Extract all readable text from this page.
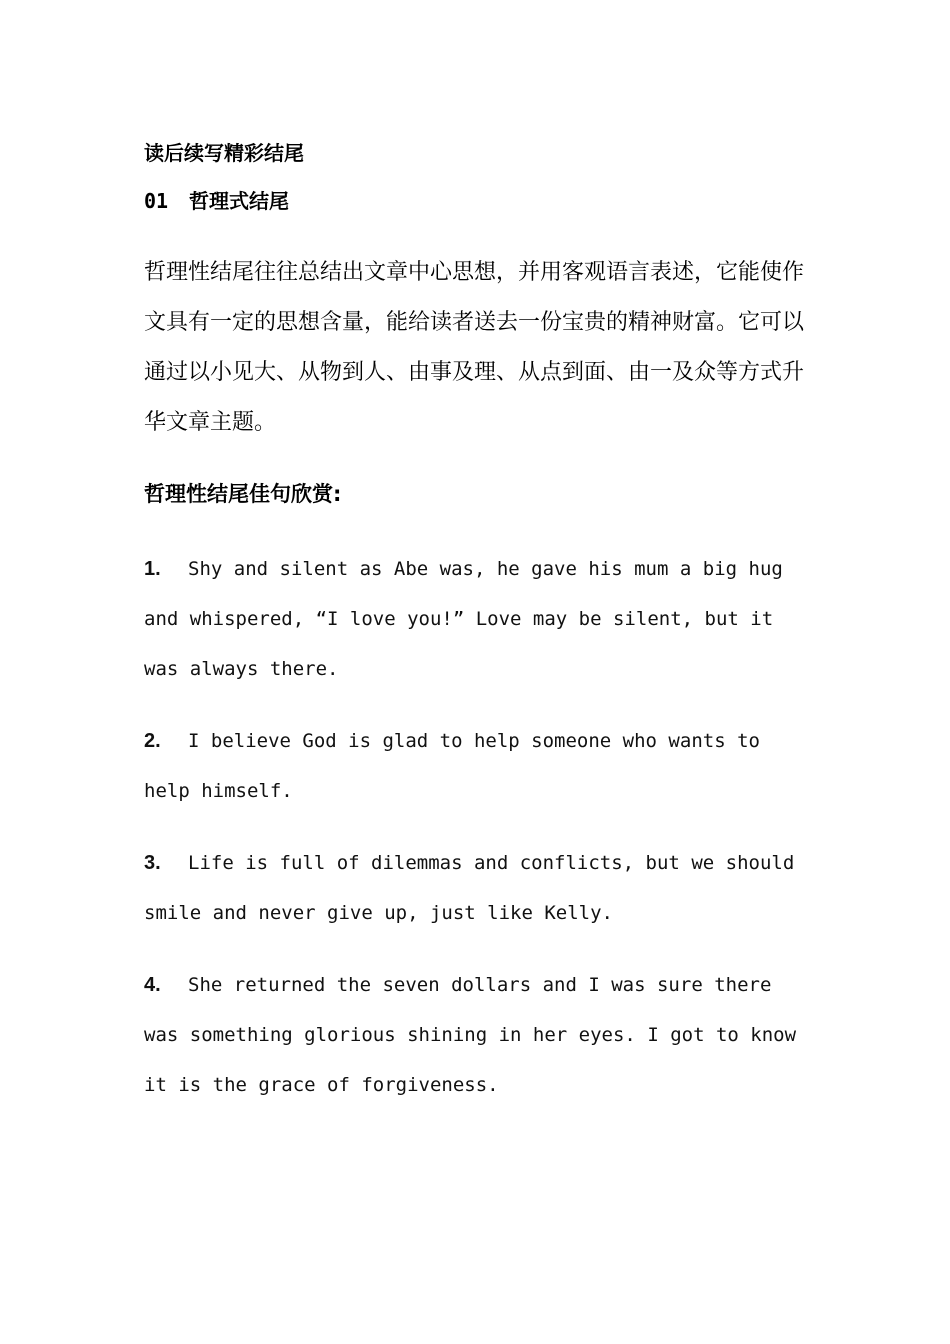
读后续写精彩结尾
01 哲理式结尾

哲理性结尾往往总结出文章中心思想，并用客观语言表述，它能使作文具有一定的思想含量，能给读者送去一份宝贵的精神财富。它可以通过以小见大、从物到人、由事及理、从点到面、由一及众等方式升华文章主题。

哲理性结尾佳句欣赏:
1. Shy and silent as Abe was, he gave his mum a big hug and whispered, “I love you!” Love may be silent, but it was always there.
2. I believe God is glad to help someone who wants to help himself.
3. Life is full of dilemmas and conflicts, but we should smile and never give up, just like Kelly.
4. She returned the seven dollars and I was sure there was something glorious shining in her eyes. I got to know it is the grace of forgiveness.
